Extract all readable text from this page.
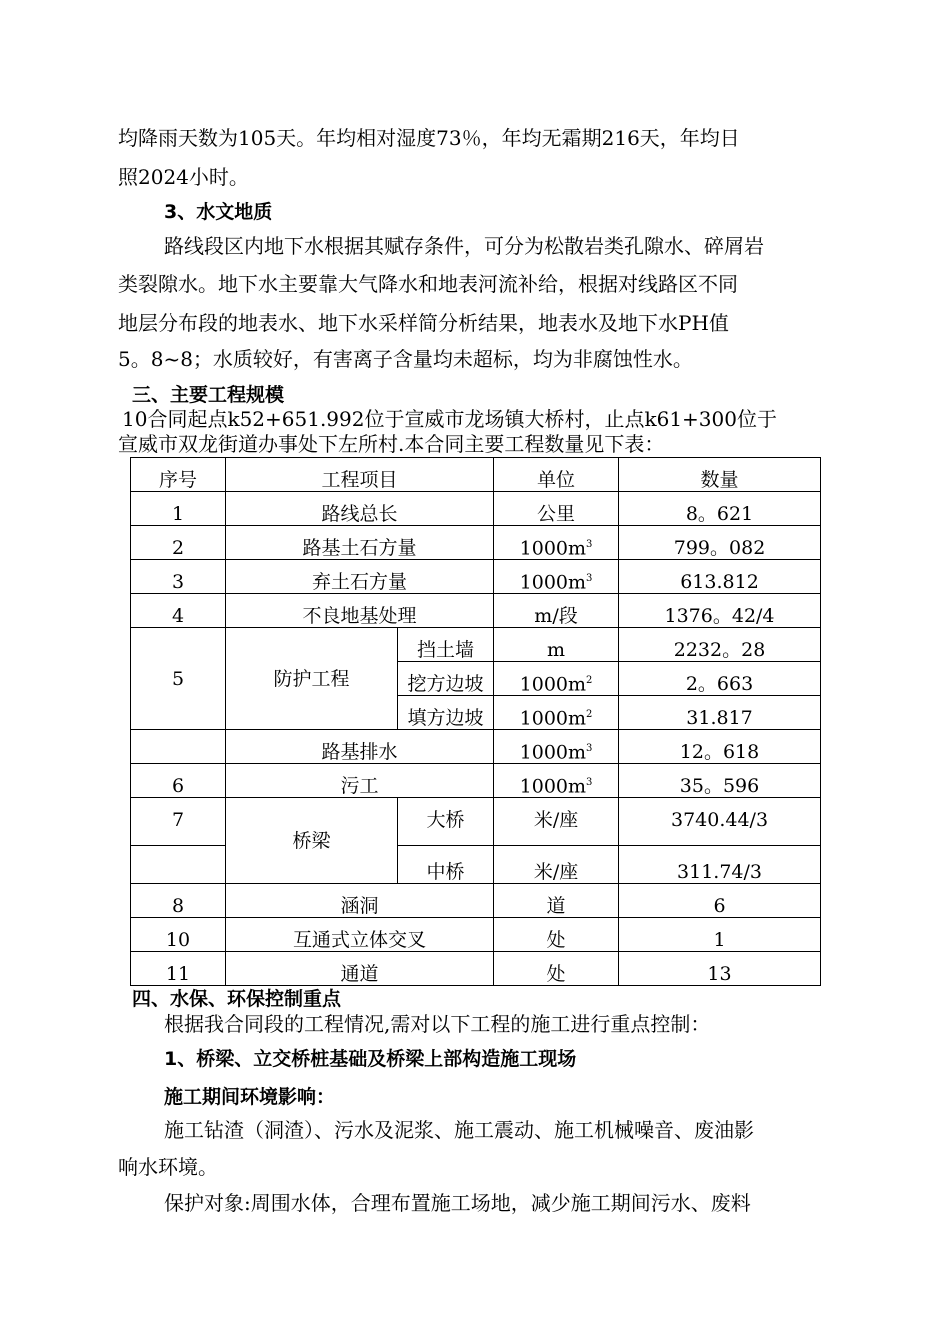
均降雨天数为105天。年均相对湿度73％，年均无霜期216天，年均日
照2024小时。
3、水文地质
路线段区内地下水根据其赋存条件，可分为松散岩类孔隙水、碎屑岩
类裂隙水。地下水主要靠大气降水和地表河流补给，根据对线路区不同
地层分布段的地表水、地下水采样简分析结果，地表水及地下水PH值
5。8~8；水质较好，有害离子含量均未超标，均为非腐蚀性水。
三、主要工程规模
10合同起点k52+651.992位于宣威市龙场镇大桥村，止点k61+300位于
宣威市双龙街道办事处下左所村.本合同主要工程数量见下表：
序号	工程项目		单位	数量
1	路线总长		公里	8。621
2	路基土石方量		$1000m^3$	799。082
3	弃土石方量		$1000m^3$	613.812
4	不良地基处理		m/段	1376。42/4
5	防护工程	挡土墙	m	2232。28
		挖方边坡	$1000m^2$	2。663
		填方边坡	$1000m^2$	31.817
	路基排水		$1000m^3$	12。618
6	污工		$1000m^3$	35。596
7	桥梁	大桥	米/座	3740.44/3
		中桥	米/座	311.74/3
8	涵洞		道	6
10	互通式立体交叉		处	1
11	通道		处	13
四、水保、环保控制重点
根据我合同段的工程情况,需对以下工程的施工进行重点控制：
1、桥梁、立交桥桩基础及桥梁上部构造施工现场
施工期间环境影响：
施工钻渣（洞渣）、污水及泥浆、施工震动、施工机械噪音、废油影
响水环境。
保护对象:周围水体，合理布置施工场地，减少施工期间污水、废料
